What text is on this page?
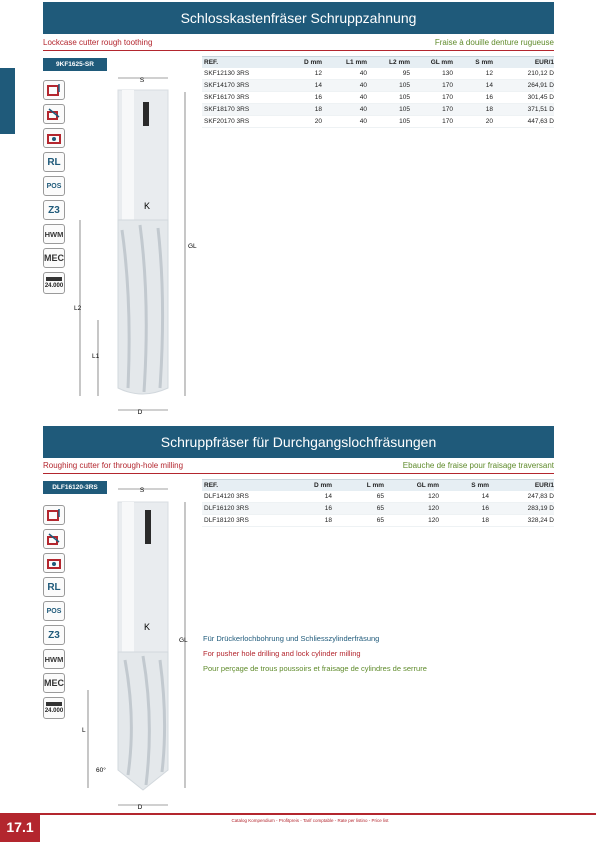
Schlosskastenfräser Schruppzahnung
Lockcase cutter rough toothing	Fraise à douille denture rugueuse
9KF1625-SR
RL
POS
Z3
HWM
MEC
24.000
S
GL
L2
L1
D
K
REF.	D mm	L1 mm	L2 mm	GL mm	S mm	EUR/1
SKF12130 3RS	12	40	95	130	12	210,12 D
SKF14170 3RS	14	40	105	170	14	264,91 D
SKF16170 3RS	16	40	105	170	16	301,45 D
SKF18170 3RS	18	40	105	170	18	371,51 D
SKF20170 3RS	20	40	105	170	20	447,63 D
Schruppfräser für Durchgangslochfräsungen
Roughing cutter for through-hole milling	Ebauche de fraise pour fraisage traversant
DLF16120-3RS
RL
POS
Z3
HWM
MEC
24.000
S
GL
L
60°
D
K
REF.	D mm	L mm	GL mm	S mm	EUR/1
DLF14120 3RS	14	65	120	14	247,83 D
DLF16120 3RS	16	65	120	16	283,19 D
DLF18120 3RS	18	65	120	18	328,24 D
Für Drückerlochbohrung und Schliesszylinderfräsung
For pusher hole drilling and lock cylinder milling
Pour perçage de trous poussoirs et fraisage de cylindres de serrure
17.1	Catalog Kompendium - Profitpreis - Tarif comptable - Rate per listino - Price list
